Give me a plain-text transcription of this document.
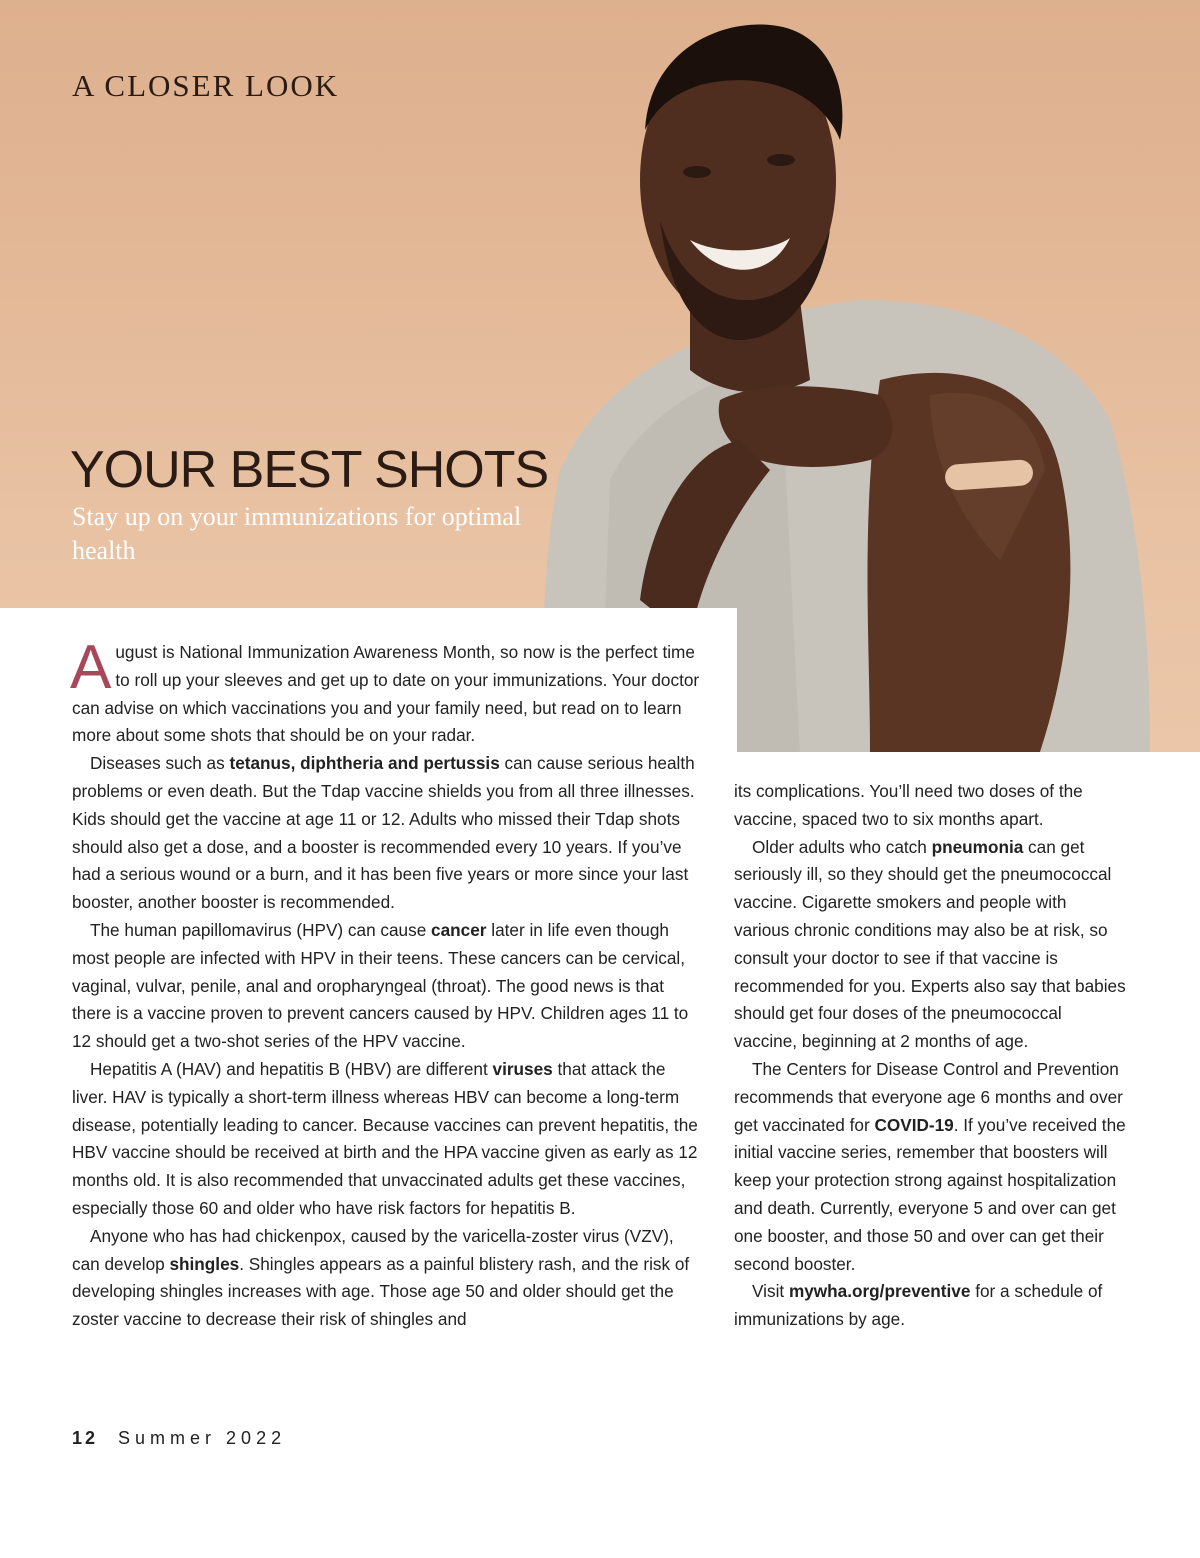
A CLOSER LOOK
YOUR BEST SHOTS
Stay up on your immunizations for optimal health

August is National Immunization Awareness Month, so now is the perfect time to roll up your sleeves and get up to date on your immunizations. Your doctor can advise on which vaccinations you and your family need, but read on to learn more about some shots that should be on your radar.

Diseases such as tetanus, diphtheria and pertussis can cause serious health problems or even death. But the Tdap vaccine shields you from all three illnesses. Kids should get the vaccine at age 11 or 12. Adults who missed their Tdap shots should also get a dose, and a booster is recommended every 10 years. If you’ve had a serious wound or a burn, and it has been five years or more since your last booster, another booster is recommended.

The human papillomavirus (HPV) can cause cancer later in life even though most people are infected with HPV in their teens. These cancers can be cervical, vaginal, vulvar, penile, anal and oropharyngeal (throat). The good news is that there is a vaccine proven to prevent cancers caused by HPV. Children ages 11 to 12 should get a two-shot series of the HPV vaccine.

Hepatitis A (HAV) and hepatitis B (HBV) are different viruses that attack the liver. HAV is typically a short-term illness whereas HBV can become a long-term disease, potentially leading to cancer. Because vaccines can prevent hepatitis, the HBV vaccine should be received at birth and the HPA vaccine given as early as 12 months old. It is also recommended that unvaccinated adults get these vaccines, especially those 60 and older who have risk factors for hepatitis B.

Anyone who has had chickenpox, caused by the varicella-zoster virus (VZV), can develop shingles. Shingles appears as a painful blistery rash, and the risk of developing shingles increases with age. Those age 50 and older should get the zoster vaccine to decrease their risk of shingles and

its complications. You’ll need two doses of the vaccine, spaced two to six months apart.

Older adults who catch pneumonia can get seriously ill, so they should get the pneumococcal vaccine. Cigarette smokers and people with various chronic conditions may also be at risk, so consult your doctor to see if that vaccine is recommended for you. Experts also say that babies should get four doses of the pneumococcal vaccine, beginning at 2 months of age.

The Centers for Disease Control and Prevention recommends that everyone age 6 months and over get vaccinated for COVID-19. If you’ve received the initial vaccine series, remember that boosters will keep your protection strong against hospitalization and death. Currently, everyone 5 and over can get one booster, and those 50 and over can get their second booster.

Visit mywha.org/preventive for a schedule of immunizations by age.

12 Summer 2022
